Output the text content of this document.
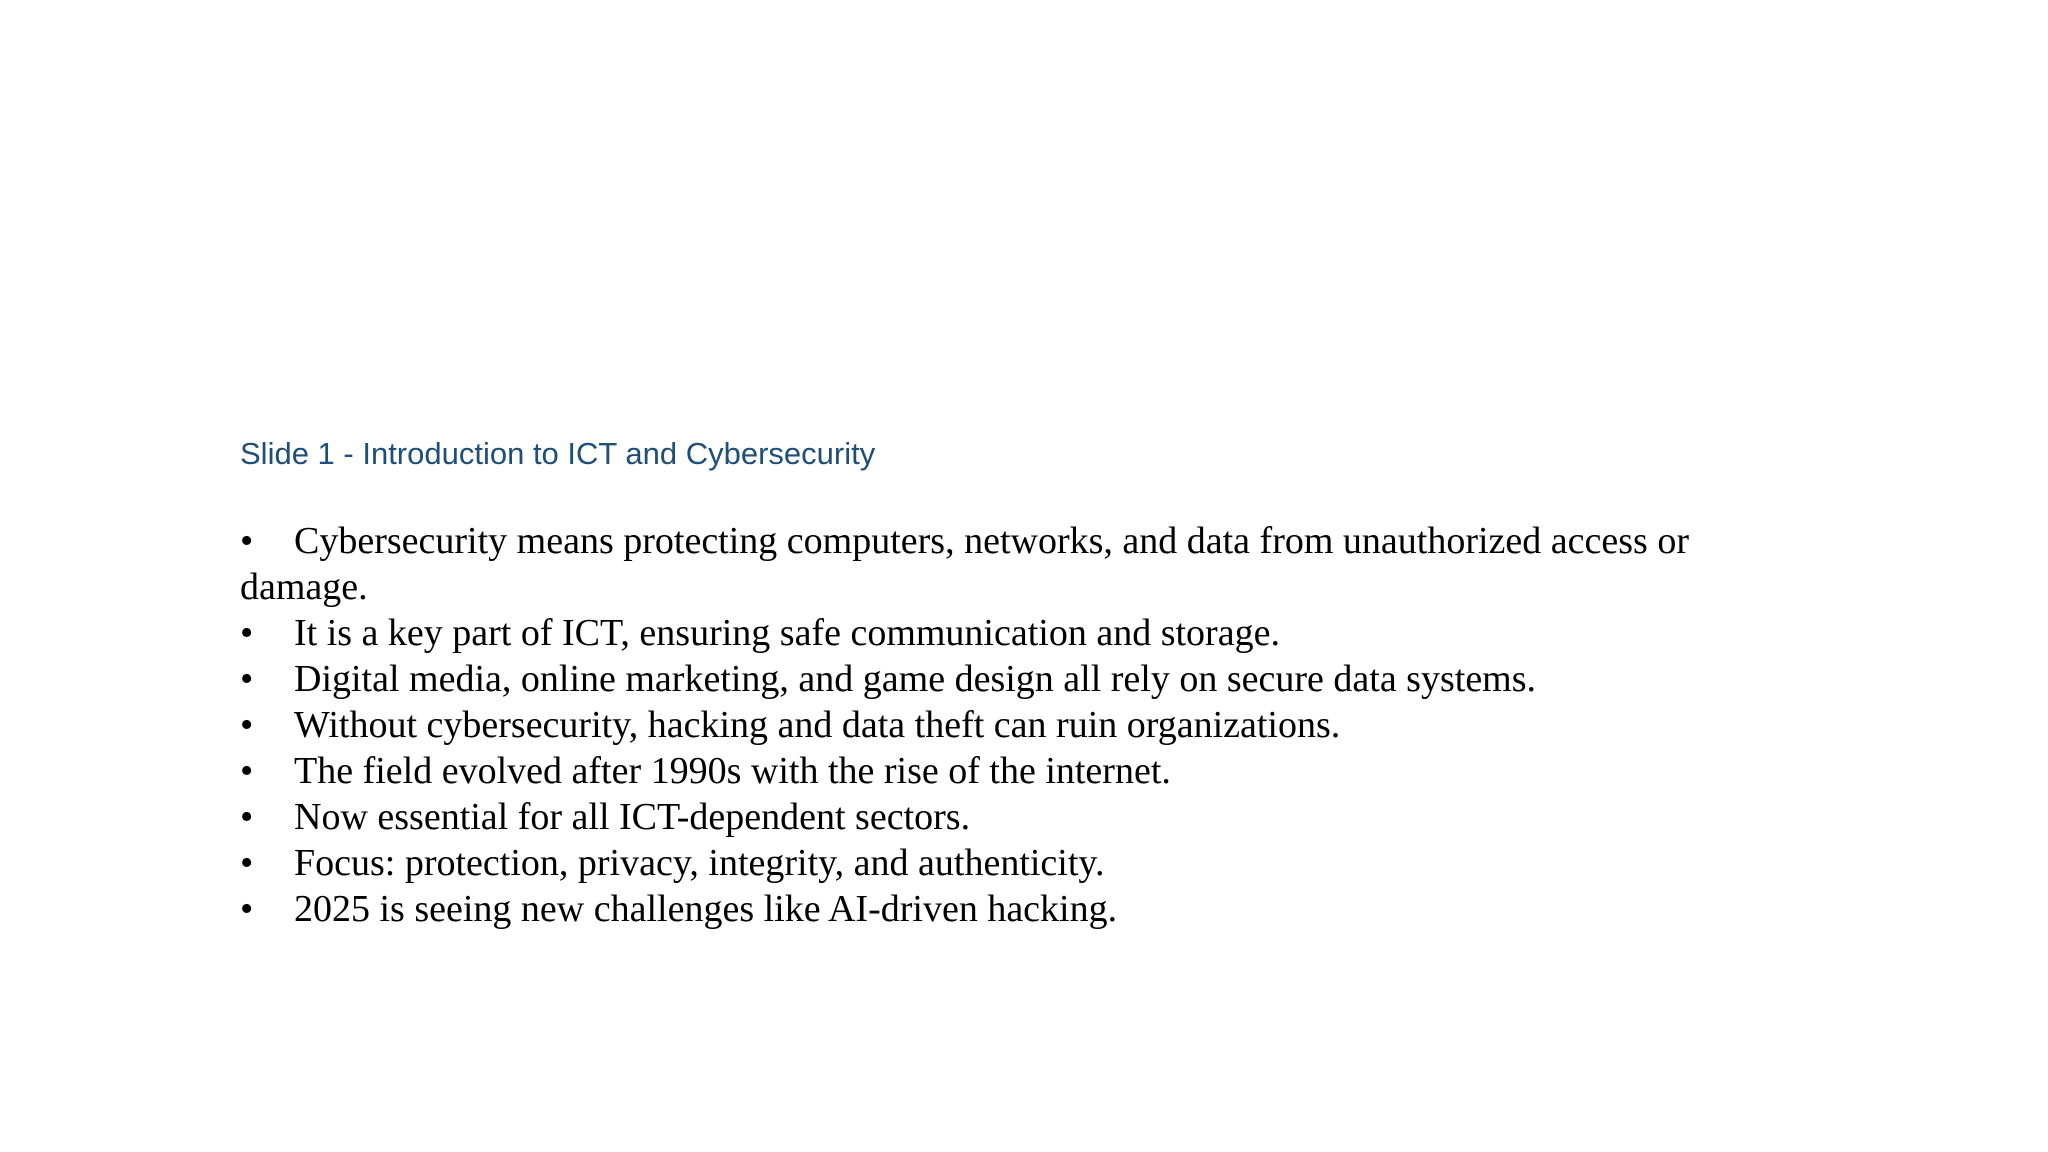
Slide 1 - Introduction to ICT and Cybersecurity
• Cybersecurity means protecting computers, networks, and data from unauthorized access or damage.
• It is a key part of ICT, ensuring safe communication and storage.
• Digital media, online marketing, and game design all rely on secure data systems.
• Without cybersecurity, hacking and data theft can ruin organizations.
• The field evolved after 1990s with the rise of the internet.
• Now essential for all ICT-dependent sectors.
• Focus: protection, privacy, integrity, and authenticity.
• 2025 is seeing new challenges like AI-driven hacking.
